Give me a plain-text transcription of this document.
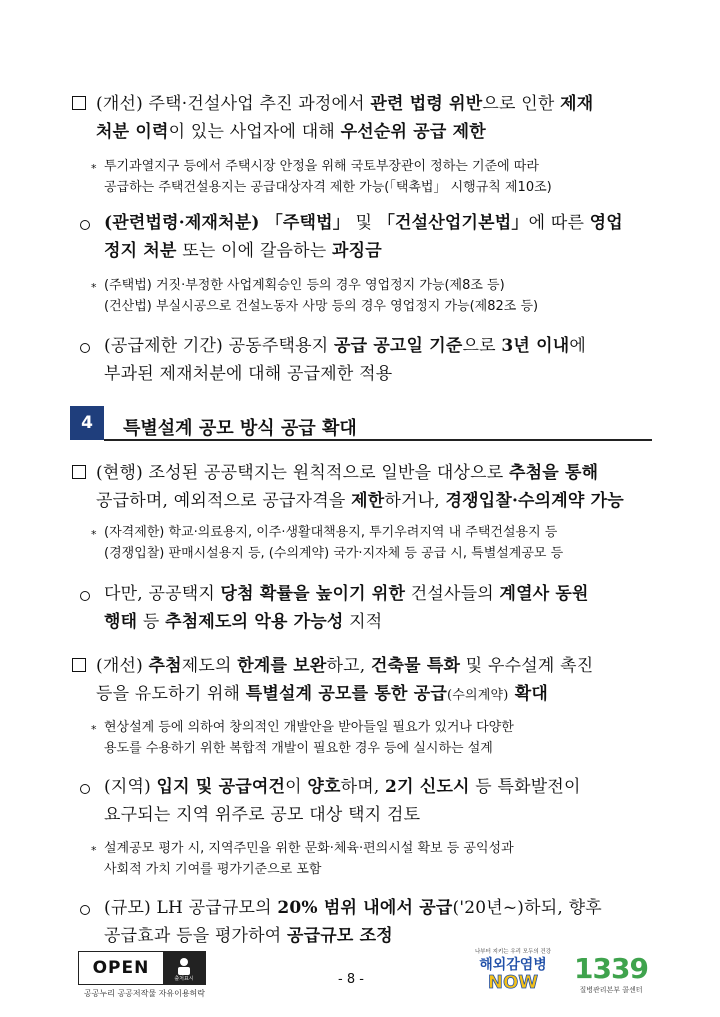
(개선) 주택·건설사업 추진 과정에서 관련 법령 위반으로 인한 제재
처분 이력이 있는 사업자에 대해 우선순위 공급 제한
* 투기과열지구 등에서 주택시장 안정을 위해 국토부장관이 정하는 기준에 따라
공급하는 주택건설용지는 공급대상자격 제한 가능(「택촉법」 시행규칙 제10조)
(관련법령·제재처분) 「주택법」 및 「건설산업기본법」에 따른 영업
정지 처분 또는 이에 갈음하는 과징금
* (주택법) 거짓·부정한 사업계획승인 등의 경우 영업정지 가능(제8조 등)
(건산법) 부실시공으로 건설노동자 사망 등의 경우 영업정지 가능(제82조 등)
(공급제한 기간) 공동주택용지 공급 공고일 기준으로 3년 이내에
부과된 제재처분에 대해 공급제한 적용
4	특별설계 공모 방식 공급 확대
(현행) 조성된 공공택지는 원칙적으로 일반을 대상으로 추첨을 통해
공급하며, 예외적으로 공급자격을 제한하거나, 경쟁입찰·수의계약 가능
* (자격제한) 학교·의료용지, 이주·생활대책용지, 투기우려지역 내 주택건설용지 등
(경쟁입찰) 판매시설용지 등, (수의계약) 국가·지자체 등 공급 시, 특별설계공모 등
다만, 공공택지 당첨 확률을 높이기 위한 건설사들의 계열사 동원
행태 등 추첨제도의 악용 가능성 지적
(개선) 추첨제도의 한계를 보완하고, 건축물 특화 및 우수설계 촉진
등을 유도하기 위해 특별설계 공모를 통한 공급(수의계약) 확대
* 현상설계 등에 의하여 창의적인 개발안을 받아들일 필요가 있거나 다양한
용도를 수용하기 위한 복합적 개발이 필요한 경우 등에 실시하는 설계
(지역) 입지 및 공급여건이 양호하며, 2기 신도시 등 특화발전이
요구되는 지역 위주로 공모 대상 택지 검토
* 설계공모 평가 시, 지역주민을 위한 문화·체육·편의시설 확보 등 공익성과
사회적 가치 기여를 평가기준으로 포함
(규모) LH 공급규모의 20% 범위 내에서 공급('20년~)하되, 향후
공급효과 등을 평가하여 공급규모 조정
OPEN
출처표시
공공누리 공공저작물 자유이용허락
- 8 -
나부터 지키는 우리 모두의 건강
해외감염병
NOW 1339
질병관리본부 콜센터
